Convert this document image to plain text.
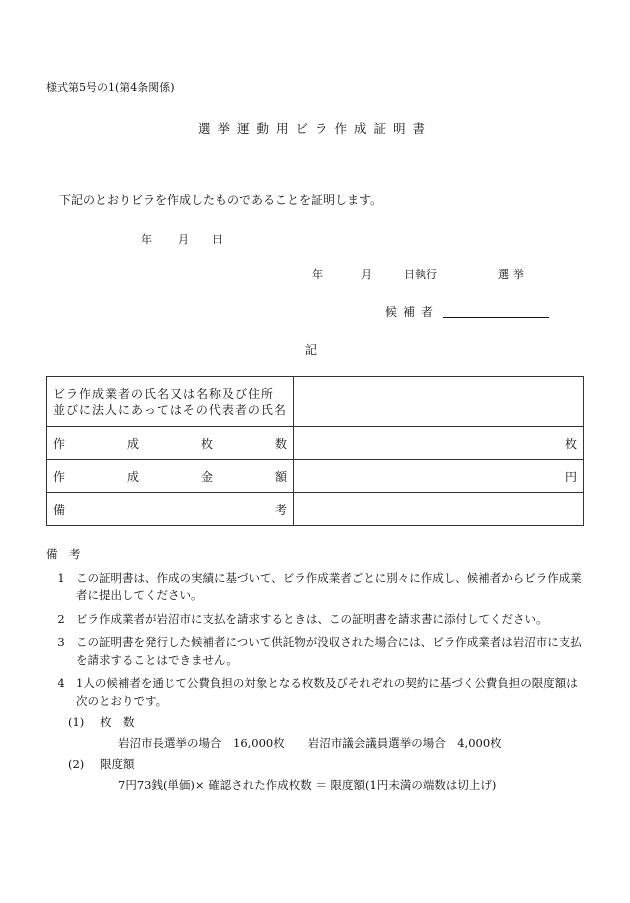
様式第5号の1(第4条関係)
選挙運動用ビラ作成証明書
下記のとおりビラを作成したものであることを証明します。
年 月 日
年	月	日執行	選挙
候補者
記
ビラ作成業者の氏名又は名称及び住所
並びに法人にあってはその代表者の氏名	

作 成 枚 数	枚

作 成 金 額	円

備 考	

備　考
1 この証明書は、作成の実績に基づいて、ビラ作成業者ごとに別々に作成し、候補者からビラ作成業者に提出してください。
2 ビラ作成業者が岩沼市に支払を請求するときは、この証明書を請求書に添付してください。
3 この証明書を発行した候補者について供託物が没収された場合には、ビラ作成業者は岩沼市に支払を請求することはできません。
4 1人の候補者を通じて公費負担の対象となる枚数及びそれぞれの契約に基づく公費負担の限度額は次のとおりです。
(1)	枚　数
岩沼市長選挙の場合　16,000枚　　岩沼市議会議員選挙の場合　4,000枚
(2)	限度額
7円73銭(単価)× 確認された作成枚数 ＝ 限度額(1円未満の端数は切上げ)
